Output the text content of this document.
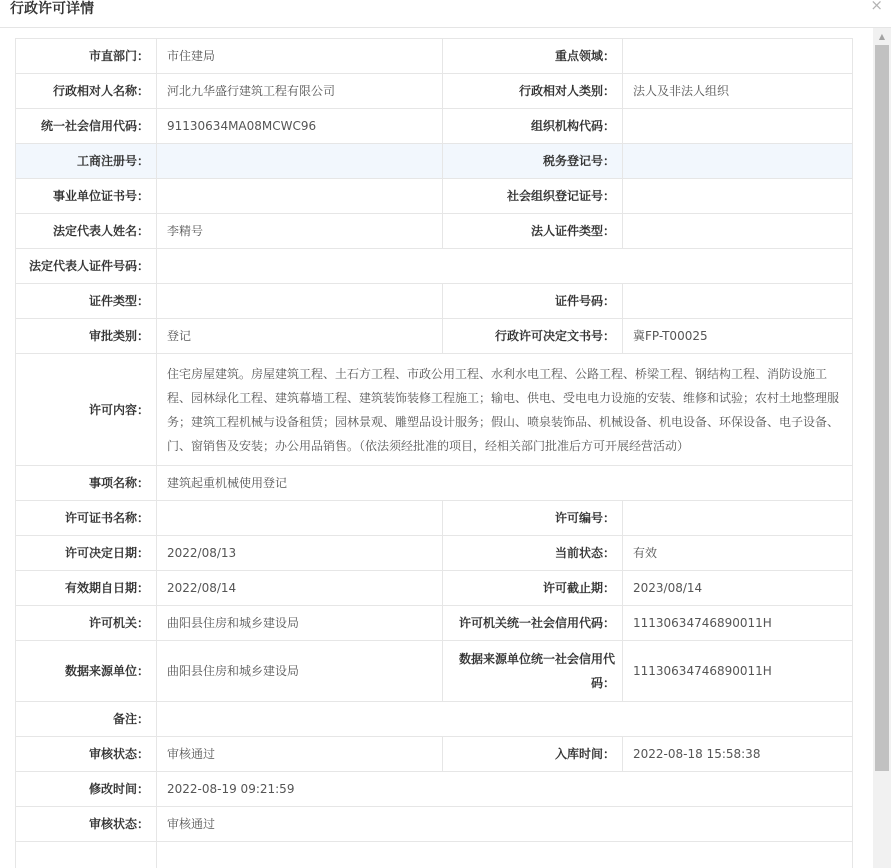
行政许可详情	×
市直部门：	市住建局	重点领域：	
行政相对人名称：	河北九华盛行建筑工程有限公司	行政相对人类别：	法人及非法人组织
统一社会信用代码：	91130634MA08MCWC96	组织机构代码：	
工商注册号：		税务登记号：	
事业单位证书号：		社会组织登记证号：	
法定代表人姓名：	李精号	法人证件类型：	
法定代表人证件号码：			
证件类型：		证件号码：	
审批类别：	登记	行政许可决定文书号：	冀FP-T00025
许可内容：	住宅房屋建筑。房屋建筑工程、土石方工程、市政公用工程、水利水电工程、公路工程、桥梁工程、钢结构工程、消防设施工程、园林绿化工程、建筑幕墙工程、建筑装饰装修工程施工；输电、供电、受电电力设施的安装、维修和试验；农村土地整理服务；建筑工程机械与设备租赁；园林景观、雕塑品设计服务；假山、喷泉装饰品、机械设备、机电设备、环保设备、电子设备、门、窗销售及安装；办公用品销售。（依法须经批准的项目，经相关部门批准后方可开展经营活动）		
事项名称：	建筑起重机械使用登记		
许可证书名称：		许可编号：	
许可决定日期：	2022/08/13	当前状态：	有效
有效期自日期：	2022/08/14	许可截止期：	2023/08/14
许可机关：	曲阳县住房和城乡建设局	许可机关统一社会信用代码：	11130634746890011H
数据来源单位：	曲阳县住房和城乡建设局	数据来源单位统一社会信用代码：	11130634746890011H
备注：			
审核状态：	审核通过	入库时间：	2022-08-18 15:58:38
修改时间：	2022-08-19 09:21:59		
审核状态：	审核通过		

▲
